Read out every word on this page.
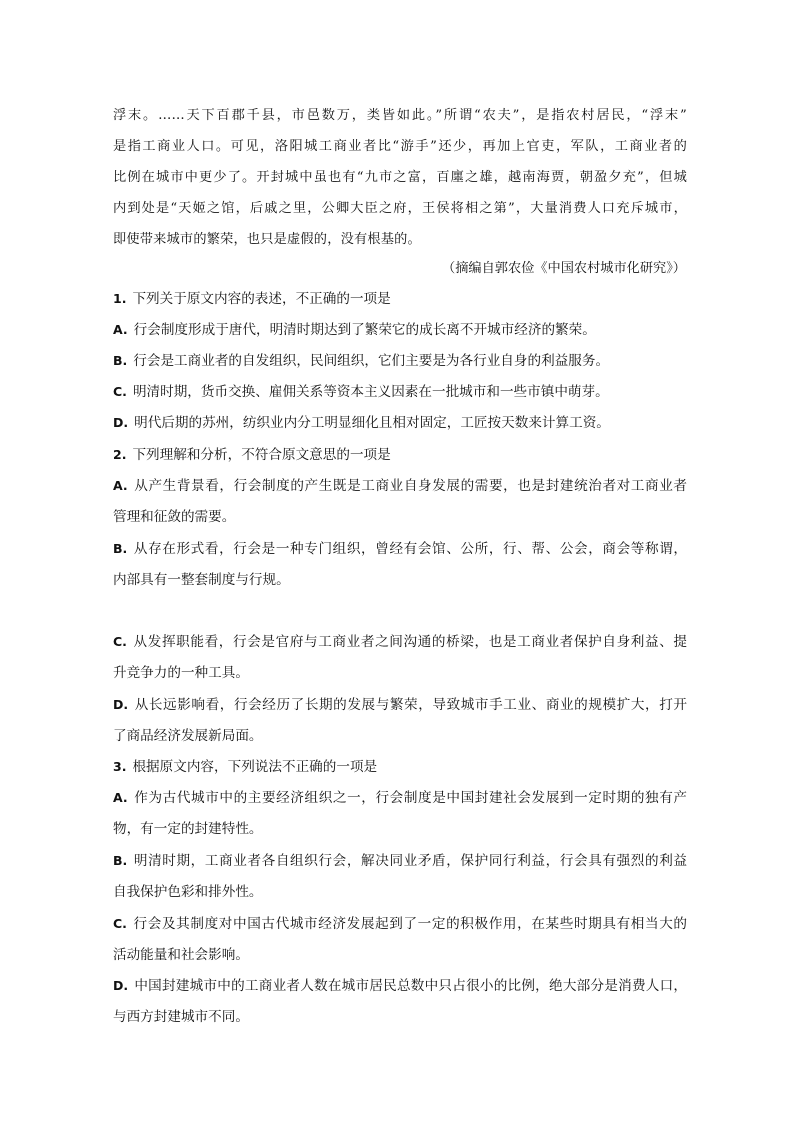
浮末。……天下百郡千县，市邑数万，类皆如此。”所谓“农夫”，是指农村居民，“浮末”
是指工商业人口。可见，洛阳城工商业者比“游手”还少，再加上官吏，军队，工商业者的
比例在城市中更少了。开封城中虽也有“九市之富，百廛之雄，越南海贾，朝盈夕充”，但城
内到处是“天姬之馆，后戚之里，公卿大臣之府，王侯将相之第”，大量消费人口充斥城市，
即使带来城市的繁荣，也只是虚假的，没有根基的。
（摘编自郭农俭《中国农村城市化研究》）
1. 下列关于原文内容的表述，不正确的一项是
A. 行会制度形成于唐代，明清时期达到了繁荣它的成长离不开城市经济的繁荣。
B. 行会是工商业者的自发组织，民间组织，它们主要是为各行业自身的利益服务。
C. 明清时期，货币交换、雇佣关系等资本主义因素在一批城市和一些市镇中萌芽。
D. 明代后期的苏州，纺织业内分工明显细化且相对固定，工匠按天数来计算工资。
2. 下列理解和分析，不符合原文意思的一项是
A. 从产生背景看，行会制度的产生既是工商业自身发展的需要，也是封建统治者对工商业者
管理和征敛的需要。
B. 从存在形式看，行会是一种专门组织，曾经有会馆、公所，行、帮、公会，商会等称谓，
内部具有一整套制度与行规。
C. 从发挥职能看，行会是官府与工商业者之间沟通的桥梁，也是工商业者保护自身利益、提
升竞争力的一种工具。
D. 从长远影响看，行会经历了长期的发展与繁荣，导致城市手工业、商业的规模扩大，打开
了商品经济发展新局面。
3. 根据原文内容，下列说法不正确的一项是
A. 作为古代城市中的主要经济组织之一，行会制度是中国封建社会发展到一定时期的独有产
物，有一定的封建特性。
B. 明清时期，工商业者各自组织行会，解决同业矛盾，保护同行利益，行会具有强烈的利益
自我保护色彩和排外性。
C. 行会及其制度对中国古代城市经济发展起到了一定的积极作用，在某些时期具有相当大的
活动能量和社会影响。
D. 中国封建城市中的工商业者人数在城市居民总数中只占很小的比例，绝大部分是消费人口，
与西方封建城市不同。
